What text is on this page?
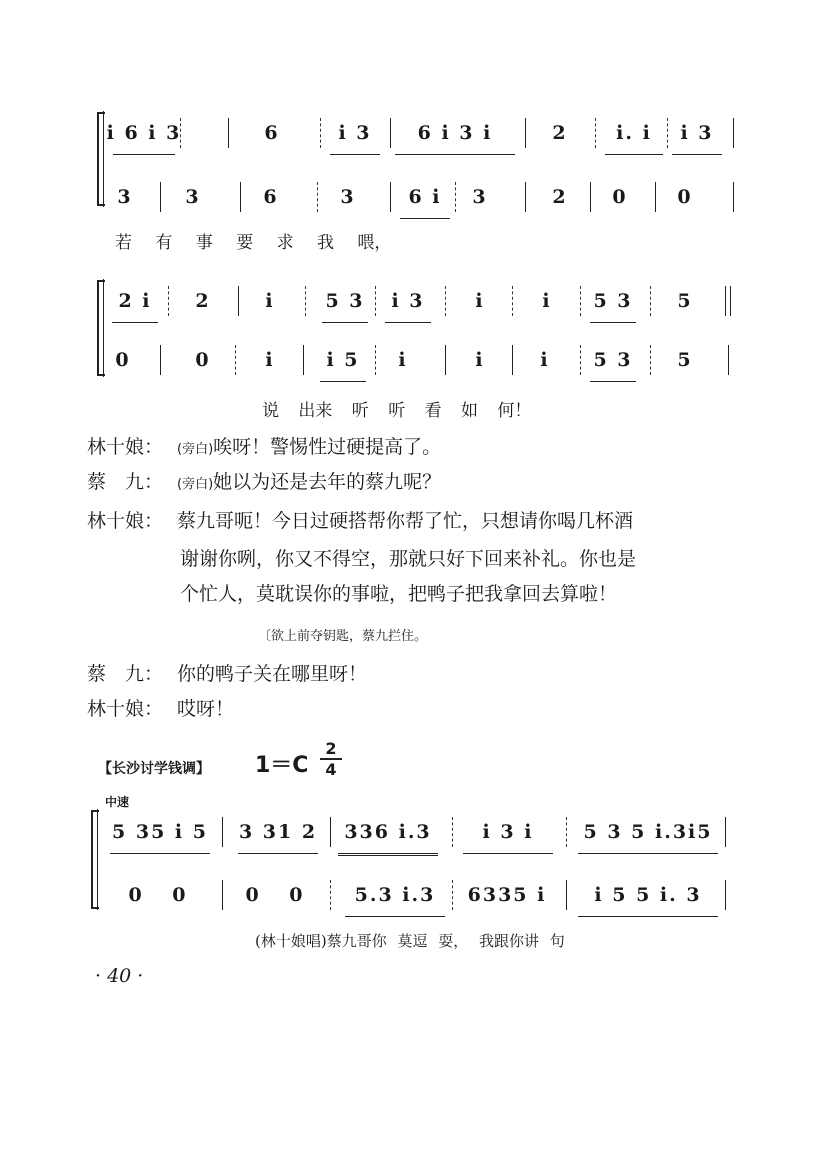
i 6 i 3	6	i 3	6 i 3 i	2	i. i	i 3
3	3	6	3	6 i	3	2	0	0
若 有 事 要 求 我 喂，
2 i	2	i	5 3	i 3	i	i	5 3	5
0	0	i	i 5	i	i	i	5 3	5
说 出来 听 听 看 如 何！
林十娘： (旁白)唉呀！警惕性过硬提高了。
蔡　九： (旁白)她以为还是去年的蔡九呢？
林十娘： 蔡九哥呃！今日过硬搭帮你帮了忙，只想请你喝几杯酒
谢谢你咧，你又不得空，那就只好下回来补礼。你也是
个忙人，莫耽误你的事啦，把鸭子把我拿回去算啦！
〔欲上前夺钥匙，蔡九拦住。
蔡　九： 你的鸭子关在哪里呀！
林十娘： 哎呀！
【长沙讨学钱调】 1＝C
2
4
中速
5 35 i 5 3 31 2	336 i.3	i 3 i	5 3 5 i.3i5
0 0	0 0	5.3 i.3	6335 i	i 5 5 i. 3
(林十娘唱)蔡九哥你 莫逗 耍， 我跟你讲 句
· 40 ·
